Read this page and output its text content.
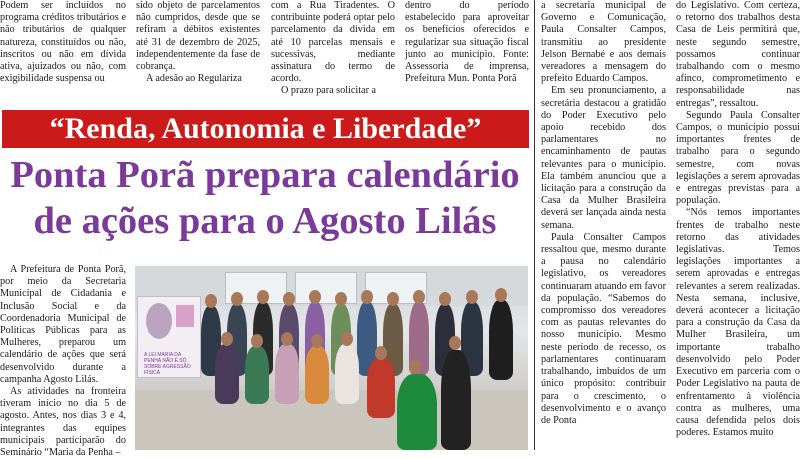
Podem ser incluídos no programa créditos tributários e não tributários de qualquer natureza, constituídos ou não, inscritos ou não em dívida ativa, ajuizados ou não, com exigibilidade suspensa ou

sido objeto de parcelamentos não cumpridos, desde que se refiram a débitos existentes até 31 de dezembro de 2025, independentemente da fase de cobrança.

A adesão ao Regulariza

com a Rua Tiradentes. O contribuinte poderá optar pelo parcelamento da dívida em até 10 parcelas mensais e sucessivas, mediante assinatura do termo de acordo.

O prazo para solicitar a

dentro do período estabelecido para aproveitar os benefícios oferecidos e regularizar sua situação fiscal junto ao município. Fonte: Assessoria de imprensa, Prefeitura Mun. Ponta Porã

“Renda, Autonomia e Liberdade”
Ponta Porã prepara calendário
de ações para o Agosto Lilás

A Prefeitura de Ponta Porã, por meio da Secretaria Municipal de Cidadania e Inclusão Social e da Coordenadoria Municipal de Políticas Públicas para as Mulheres, preparou um calendário de ações que será desenvolvido durante a campanha Agosto Lilás.

As atividades na fronteira tiveram início no dia 5 de agosto. Antes, nos dias 3 e 4, integrantes das equipes municipais participarão do Seminário “Maria da Penha –

A LEI MARIA DA PENHA NÃO É SÓ SOBRE AGRESSÃO FÍSICA

a secretaria municipal de Governo e Comunicação, Paula Consalter Campos, transmitiu ao presidente Jelson Bernabé e aos demais vereadores a mensagem do prefeito Eduardo Campos.

Em seu pronunciamento, a secretária destacou a gratidão do Poder Executivo pelo apoio recebido dos parlamentares no encaminhamento de pautas relevantes para o município. Ela também anunciou que a licitação para a construção da Casa da Mulher Brasileira deverá ser lançada ainda nesta semana.

Paula Consalter Campos ressaltou que, mesmo durante a pausa no calendário legislativo, os vereadores continuaram atuando em favor da população. “Sabemos do compromisso dos vereadores com as pautas relevantes do nosso município. Mesmo neste período de recesso, os parlamentares continuaram trabalhando, imbuídos de um único propósito: contribuir para o crescimento, o desenvolvimento e o avanço de Ponta

do Legislativo. Com certeza, o retorno dos trabalhos desta Casa de Leis permitirá que, neste segundo semestre, possamos continuar trabalhando com o mesmo afinco, comprometimento e responsabilidade nas entregas”, ressaltou.

Segundo Paula Consalter Campos, o município possui importantes frentes de trabalho para o segundo semestre, com novas legislações a serem aprovadas e entregas previstas para a população.

“Nós temos importantes frentes de trabalho neste retorno das atividades legislativas. Temos legislações importantes a serem aprovadas e entregas relevantes a serem realizadas. Nesta semana, inclusive, deverá acontecer a licitação para a construção da Casa da Mulher Brasileira, um importante trabalho desenvolvido pelo Poder Executivo em parceria com o Poder Legislativo na pauta de enfrentamento à violência contra as mulheres, uma causa defendida pelos dois poderes. Estamos muito
